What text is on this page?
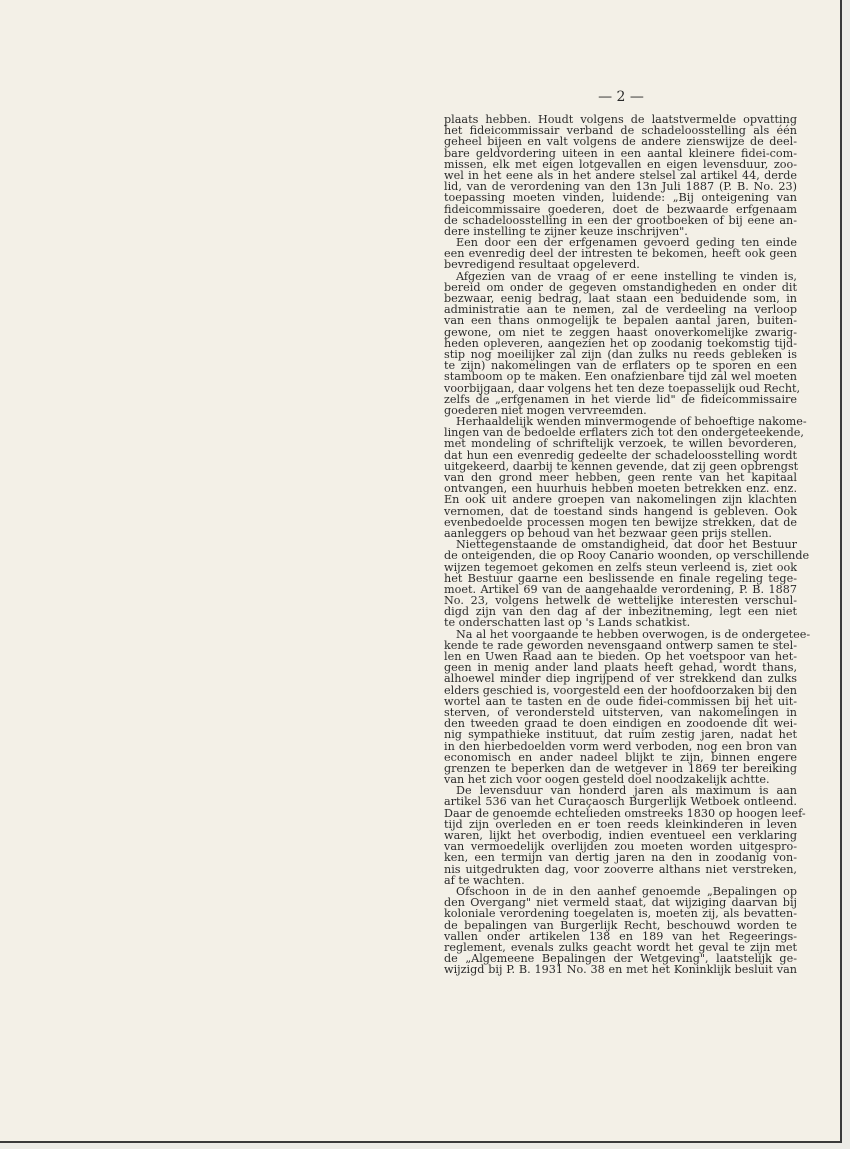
— 2 —

plaats hebben. Houdt volgens de laatstvermelde opvatting

het fideicommissair verband de schadeloosstelling als één

geheel bijeen en valt volgens de andere zienswijze de deel-

bare geldvordering uiteen in een aantal kleinere fidei-com-

missen, elk met eigen lotgevallen en eigen levensduur, zoo-

wel in het eene als in het andere stelsel zal artikel 44, derde

lid, van de verordening van den 13n Juli 1887 (P. B. No. 23)

toepassing moeten vinden, luidende: „Bij onteigening van

fideicommissaire goederen, doet de bezwaarde erfgenaam

de schadeloosstelling in een der grootboeken of bij eene an-

dere instelling te zijner keuze inschrijven".

Een door een der erfgenamen gevoerd geding ten einde

een evenredig deel der intresten te bekomen, heeft ook geen

bevredigend resultaat opgeleverd.

Afgezien van de vraag of er eene instelling te vinden is,

bereid om onder de gegeven omstandigheden en onder dit

bezwaar, eenig bedrag, laat staan een beduidende som, in

administratie aan te nemen, zal de verdeeling na verloop

van een thans onmogelijk te bepalen aantal jaren, buiten-

gewone, om niet te zeggen haast onoverkomelijke zwarig-

heden opleveren, aangezien het op zoodanig toekomstig tijd-

stip nog moeilijker zal zijn (dan zulks nu reeds gebleken is

te zijn) nakomelingen van de erflaters op te sporen en een

stamboom op te maken. Een onafzienbare tijd zal wel moeten

voorbijgaan, daar volgens het ten deze toepasselijk oud Recht,

zelfs de „erfgenamen in het vierde lid" de fideicommissaire

goederen niet mogen vervreemden.

Herhaaldelijk wenden minvermogende of behoeftige nakome-

lingen van de bedoelde erflaters zich tot den ondergeteekende,

met mondeling of schriftelijk verzoek, te willen bevorderen,

dat hun een evenredig gedeelte der schadeloosstelling wordt

uitgekeerd, daarbij te kennen gevende, dat zij geen opbrengst

van den grond meer hebben, geen rente van het kapitaal

ontvangen, een huurhuis hebben moeten betrekken enz. enz.

En ook uit andere groepen van nakomelingen zijn klachten

vernomen, dat de toestand sinds hangend is gebleven. Ook

evenbedoelde processen mogen ten bewijze strekken, dat de

aanleggers op behoud van het bezwaar geen prijs stellen.

Niettegenstaande de omstandigheid, dat door het Bestuur

de onteigenden, die op Rooy Canario woonden, op verschillende

wijzen tegemoet gekomen en zelfs steun verleend is, ziet ook

het Bestuur gaarne een beslissende en finale regeling tege-

moet. Artikel 69 van de aangehaalde verordening, P. B. 1887

No. 23, volgens hetwelk de wettelijke interesten verschul-

digd zijn van den dag af der inbezitneming, legt een niet

te onderschatten last op 's Lands schatkist.

Na al het voorgaande te hebben overwogen, is de ondergetee-

kende te rade geworden nevensgaand ontwerp samen te stel-

len en Uwen Raad aan te bieden. Op het voetspoor van het-

geen in menig ander land plaats heeft gehad, wordt thans,

alhoewel minder diep ingrijpend of ver strekkend dan zulks

elders geschied is, voorgesteld een der hoofdoorzaken bij den

wortel aan te tasten en de oude fidei-commissen bij het uit-

sterven, of verondersteld uitsterven, van nakomelingen in

den tweeden graad te doen eindigen en zoodoende dit wei-

nig sympathieke instituut, dat ruim zestig jaren, nadat het

in den hierbedoelden vorm werd verboden, nog een bron van

economisch en ander nadeel blijkt te zijn, binnen engere

grenzen te beperken dan de wetgever in 1869 ter bereiking

van het zich voor oogen gesteld doel noodzakelijk achtte.

De levensduur van honderd jaren als maximum is aan

artikel 536 van het Curaçaosch Burgerlijk Wetboek ontleend.

Daar de genoemde echtelieden omstreeks 1830 op hoogen leef-

tijd zijn overleden en er toen reeds kleinkinderen in leven

waren, lijkt het overbodig, indien eventueel een verklaring

van vermoedelijk overlijden zou moeten worden uitgespro-

ken, een termijn van dertig jaren na den in zoodanig von-

nis uitgedrukten dag, voor zooverre althans niet verstreken,

af te wachten.

Ofschoon in de in den aanhef genoemde „Bepalingen op

den Overgang" niet vermeld staat, dat wijziging daarvan bij

koloniale verordening toegelaten is, moeten zij, als bevatten-

de bepalingen van Burgerlijk Recht, beschouwd worden te

vallen onder artikelen 138 en 189 van het Regeerings-

reglement, evenals zulks geacht wordt het geval te zijn met

de „Algemeene Bepalingen der Wetgeving", laatstelijk ge-

wijzigd bij P. B. 1931 No. 38 en met het Koninklijk besluit van
